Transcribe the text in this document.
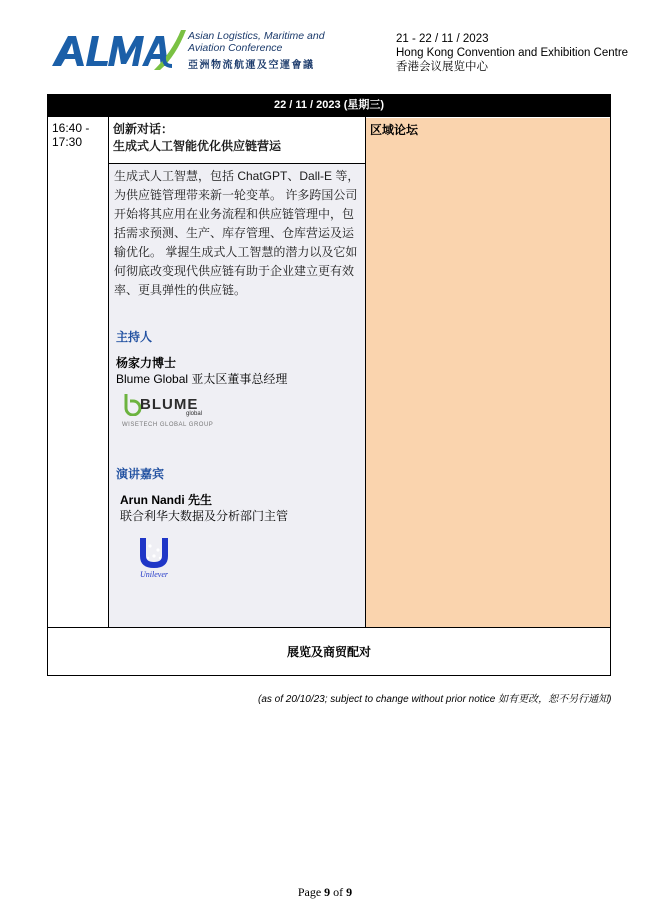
Asian Logistics, Maritime and
Aviation Conference
亞洲物流航運及空運會議
21 - 22 / 11 / 2023
Hong Kong Convention and Exhibition Centre
香港会议展览中心
22 / 11 / 2023 (星期三)
16:40 -
17:30
创新对话：
生成式人工智能优化供应链营运
区域论坛
生成式人工智慧，包括 ChatGPT、Dall-E 等，为供应链管理带来新一轮变革。 许多跨国公司开始将其应用在业务流程和供应链管理中，包括需求预测、生产、库存管理、仓库营运及运输优化。 掌握生成式人工智慧的潜力以及它如何彻底改变现代供应链有助于企业建立更有效率、更具弹性的供应链。
主持人
杨家力博士
Blume Global 亚太区董事总经理
BLUME
global
WISETECH GLOBAL GROUP
演讲嘉宾
Arun Nandi 先生
联合利华大数据及分析部门主管
Unilever
展览及商贸配对
(as of 20/10/23; subject to change without prior notice 如有更改，恕不另行通知)
Page 9 of 9
